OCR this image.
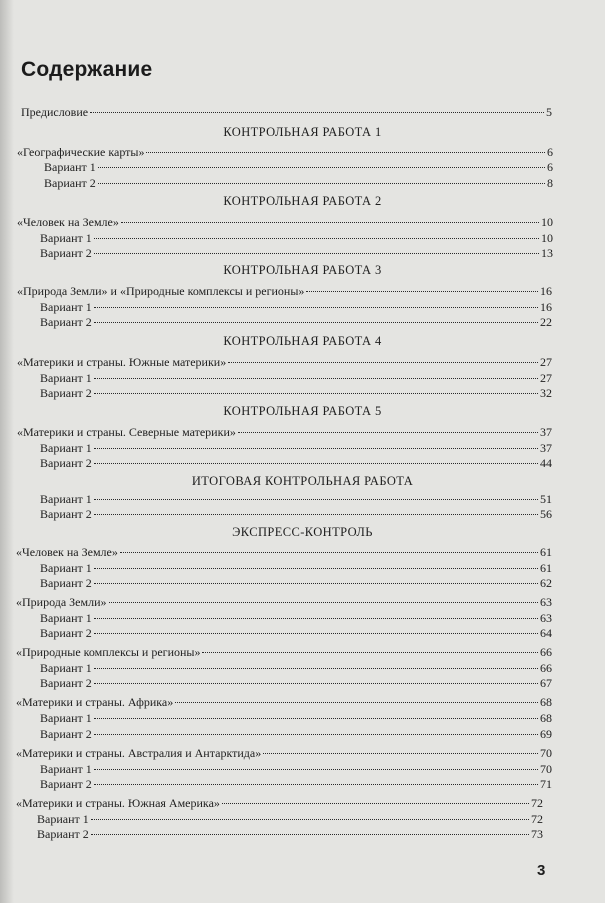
Содержание
Предисловие	5
КОНТРОЛЬНАЯ РАБОТА 1
«Географические карты»	6
Вариант 1	6
Вариант 2	8
КОНТРОЛЬНАЯ РАБОТА 2
«Человек на Земле»	10
Вариант 1	10
Вариант 2	13
КОНТРОЛЬНАЯ РАБОТА 3
«Природа Земли» и «Природные комплексы и регионы»	16
Вариант 1	16
Вариант 2	22
КОНТРОЛЬНАЯ РАБОТА 4
«Материки и страны. Южные материки»	27
Вариант 1	27
Вариант 2	32
КОНТРОЛЬНАЯ РАБОТА 5
«Материки и страны. Северные материки»	37
Вариант 1	37
Вариант 2	44
ИТОГОВАЯ КОНТРОЛЬНАЯ РАБОТА
Вариант 1	51
Вариант 2	56
ЭКСПРЕСС-КОНТРОЛЬ
«Человек на Земле»	61
Вариант 1	61
Вариант 2	62
«Природа Земли»	63
Вариант 1	63
Вариант 2	64
«Природные комплексы и регионы»	66
Вариант 1	66
Вариант 2	67
«Материки и страны. Африка»	68
Вариант 1	68
Вариант 2	69
«Материки и страны. Австралия и Антарктида»	70
Вариант 1	70
Вариант 2	71
«Материки и страны. Южная Америка»	72
Вариант 1	72
Вариант 2	73
3
